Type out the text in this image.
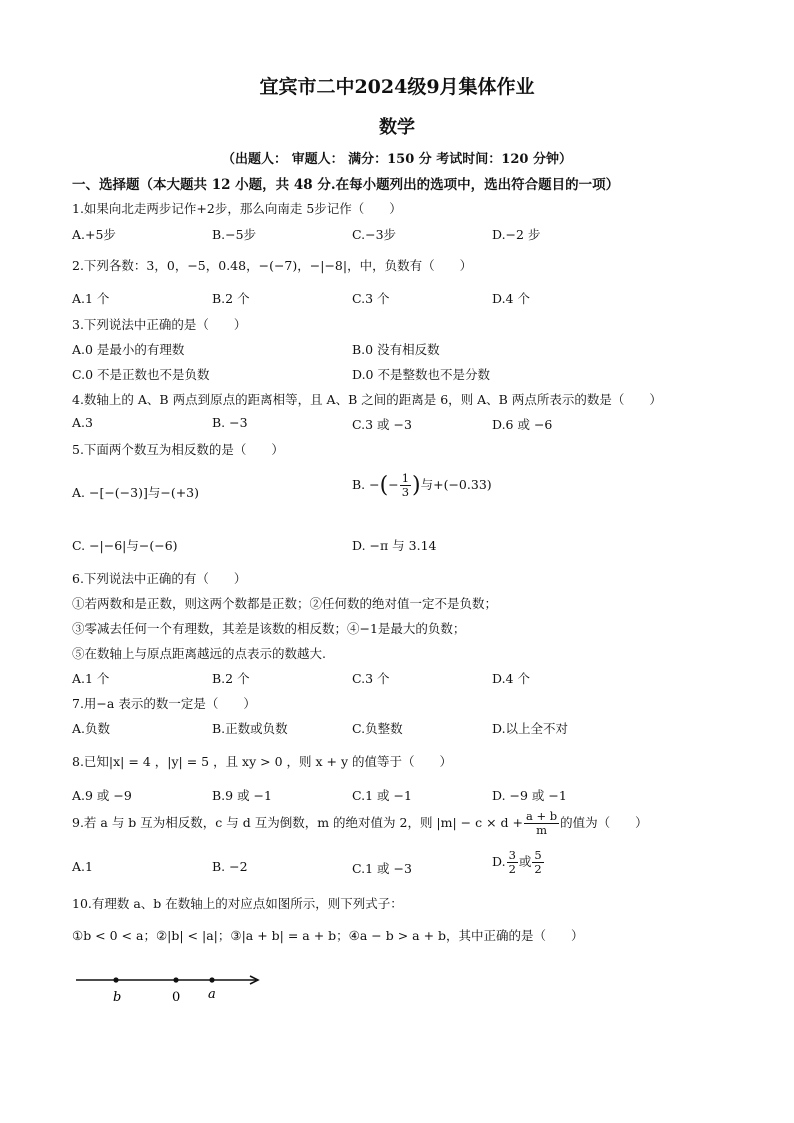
宜宾市二中2024级9月集体作业
数学
（出题人： 审题人： 满分：150 分 考试时间：120 分钟）
一、选择题（本大题共 12 小题，共 48 分.在每小题列出的选项中，选出符合题目的一项）
1.如果向北走两步记作+2步，那么向南走 5步记作（　　）
A.+5步	B.−5步	C.−3步	D.−2 步
2.下列各数：3，0，−5，0.48，−(−7)，−|−8|，中，负数有（　　）
A.1 个	B.2 个	C.3 个	D.4 个
3.下列说法中正确的是（　　）
A.0 是最小的有理数	B.0 没有相反数
C.0 不是正数也不是负数	D.0 不是整数也不是分数
4.数轴上的 A、B 两点到原点的距离相等，且 A、B 之间的距离是 6，则 A、B 两点所表示的数是（　　）
A.3	B. −3	C.3 或 −3	D.6 或 −6
5.下面两个数互为相反数的是（　　）
A. −[−(−3)]与−(+3)
B. −(− $\frac{1}{3}$ )与+(−0.33)
C. −|−6|与−(−6)	D. −π 与 3.14
6.下列说法中正确的有（　　）
①若两数和是正数，则这两个数都是正数；②任何数的绝对值一定不是负数；
③零减去任何一个有理数，其差是该数的相反数；④−1是最大的负数；
⑤在数轴上与原点距离越远的点表示的数越大.
A.1 个	B.2 个	C.3 个	D.4 个
7.用−a 表示的数一定是（　　）
A.负数	B.正数或负数	C.负整数	D.以上全不对
8.已知|x| = 4 ，|y| = 5 ，且 xy > 0 ，则 x + y 的值等于（　　）
A.9 或 −9	B.9 或 −1	C.1 或 −1	D. −9 或 −1
9.若 a 与 b 互为相反数，c 与 d 互为倒数，m 的绝对值为 2，则 $|m| - c \times d + \frac{a + b}{m}$ 的值为（　　）
A.1	B. −2	C.1 或 −3	D. $\frac{3}{2}$ 或 $\frac{5}{2}$
10.有理数 a、b 在数轴上的对应点如图所示，则下列式子：
①b < 0 < a；②|b| < |a|；③|a + b| = a + b；④a − b > a + b，其中正确的是（　　）
b	0 a
